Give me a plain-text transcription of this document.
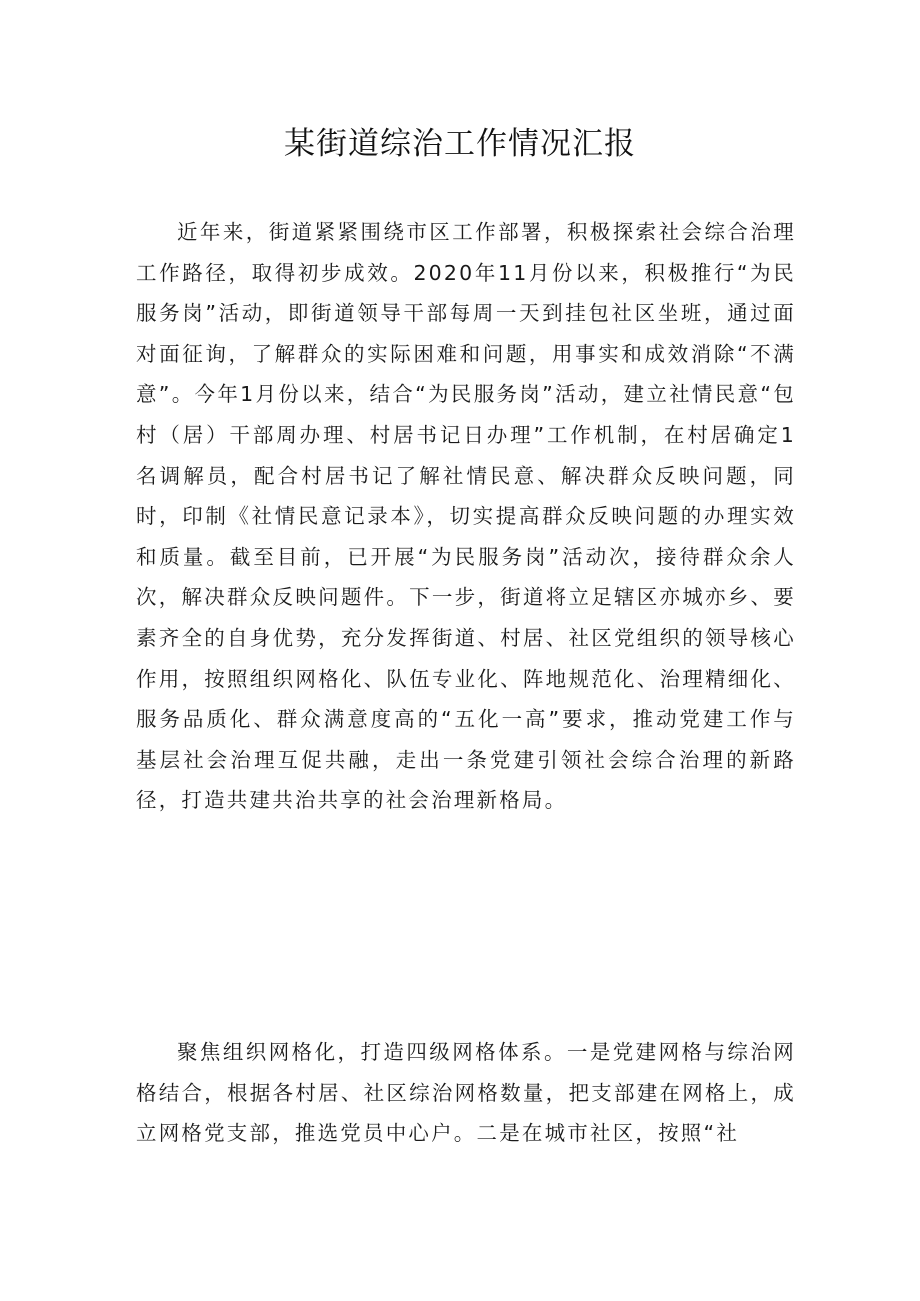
某街道综治工作情况汇报

近年来，街道紧紧围绕市区工作部署，积极探索社会综合治理工作路径，取得初步成效。2020年11月份以来，积极推行“为民服务岗”活动，即街道领导干部每周一天到挂包社区坐班，通过面对面征询，了解群众的实际困难和问题，用事实和成效消除“不满意”。今年1月份以来，结合“为民服务岗”活动，建立社情民意“包村（居）干部周办理、村居书记日办理”工作机制，在村居确定1名调解员，配合村居书记了解社情民意、解决群众反映问题，同时，印制《社情民意记录本》，切实提高群众反映问题的办理实效和质量。截至目前，已开展“为民服务岗”活动次，接待群众余人次，解决群众反映问题件。下一步，街道将立足辖区亦城亦乡、要素齐全的自身优势，充分发挥街道、村居、社区党组织的领导核心作用，按照组织网格化、队伍专业化、阵地规范化、治理精细化、服务品质化、群众满意度高的“五化一高”要求，推动党建工作与基层社会治理互促共融，走出一条党建引领社会综合治理的新路径，打造共建共治共享的社会治理新格局。

聚焦组织网格化，打造四级网格体系。一是党建网格与综治网格结合，根据各村居、社区综治网格数量，把支部建在网格上，成立网格党支部，推选党员中心户。二是在城市社区，按照“社
